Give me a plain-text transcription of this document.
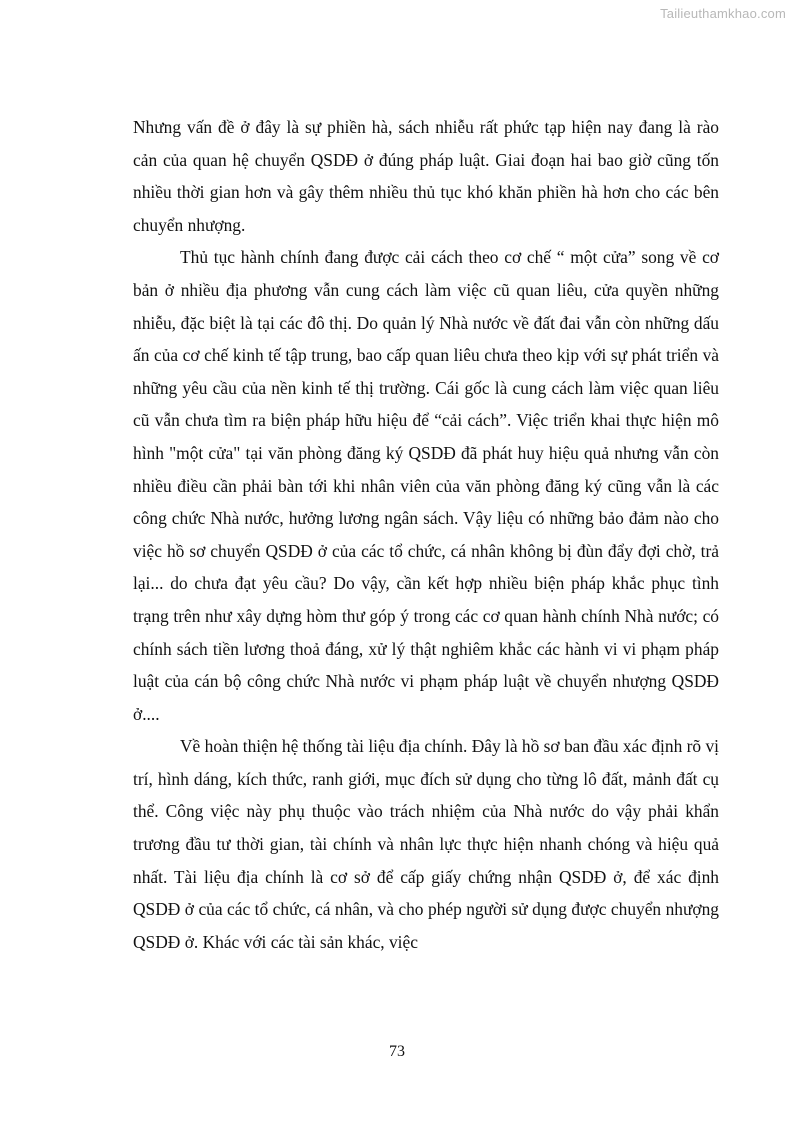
Tailieuthamkhao.com

Nhưng vấn đề ở đây là sự phiền hà, sách nhiễu rất phức tạp hiện nay đang là rào cản của quan hệ chuyển QSDĐ ở đúng pháp luật. Giai đoạn hai bao giờ cũng tốn nhiều thời gian hơn và gây thêm nhiều thủ tục khó khăn phiền hà hơn cho các bên chuyển nhượng.

Thủ tục hành chính đang được cải cách theo cơ chế “ một cửa” song về cơ bản ở nhiều địa phương vẫn cung cách làm việc cũ quan liêu, cửa quyền những nhiễu, đặc biệt là tại các đô thị. Do quản lý Nhà nước về đất đai vẫn còn những dấu ấn của cơ chế kinh tế tập trung, bao cấp quan liêu chưa theo kịp với sự phát triển và những yêu cầu của nền kinh tế thị trường. Cái gốc là cung cách làm việc quan liêu cũ vẫn chưa tìm ra biện pháp hữu hiệu để “cải cách”. Việc triển khai thực hiện mô hình "một cửa" tại văn phòng đăng ký QSDĐ đã phát huy hiệu quả nhưng vẫn còn nhiều điều cần phải bàn tới khi nhân viên của văn phòng đăng ký cũng vẫn là các công chức Nhà nước, hưởng lương ngân sách. Vậy liệu có những bảo đảm nào cho việc hồ sơ chuyển QSDĐ ở của các tổ chức, cá nhân không bị đùn đẩy đợi chờ, trả lại... do chưa đạt yêu cầu? Do vậy, cần kết hợp nhiều biện pháp khắc phục tình trạng trên như xây dựng hòm thư góp ý trong các cơ quan hành chính Nhà nước; có chính sách tiền lương thoả đáng, xử lý thật nghiêm khắc các hành vi vi phạm pháp luật của cán bộ công chức Nhà nước vi phạm pháp luật về chuyển nhượng QSDĐ ở....

Về hoàn thiện hệ thống tài liệu địa chính. Đây là hồ sơ ban đầu xác định rõ vị trí, hình dáng, kích thức, ranh giới, mục đích sử dụng cho từng lô đất, mảnh đất cụ thể. Công việc này phụ thuộc vào trách nhiệm của Nhà nước do vậy phải khẩn trương đầu tư thời gian, tài chính và nhân lực thực hiện nhanh chóng và hiệu quả nhất. Tài liệu địa chính là cơ sở để cấp giấy chứng nhận QSDĐ ở, để xác định QSDĐ ở của các tổ chức, cá nhân, và cho phép người sử dụng được chuyển nhượng QSDĐ ở. Khác với các tài sản khác, việc

73
